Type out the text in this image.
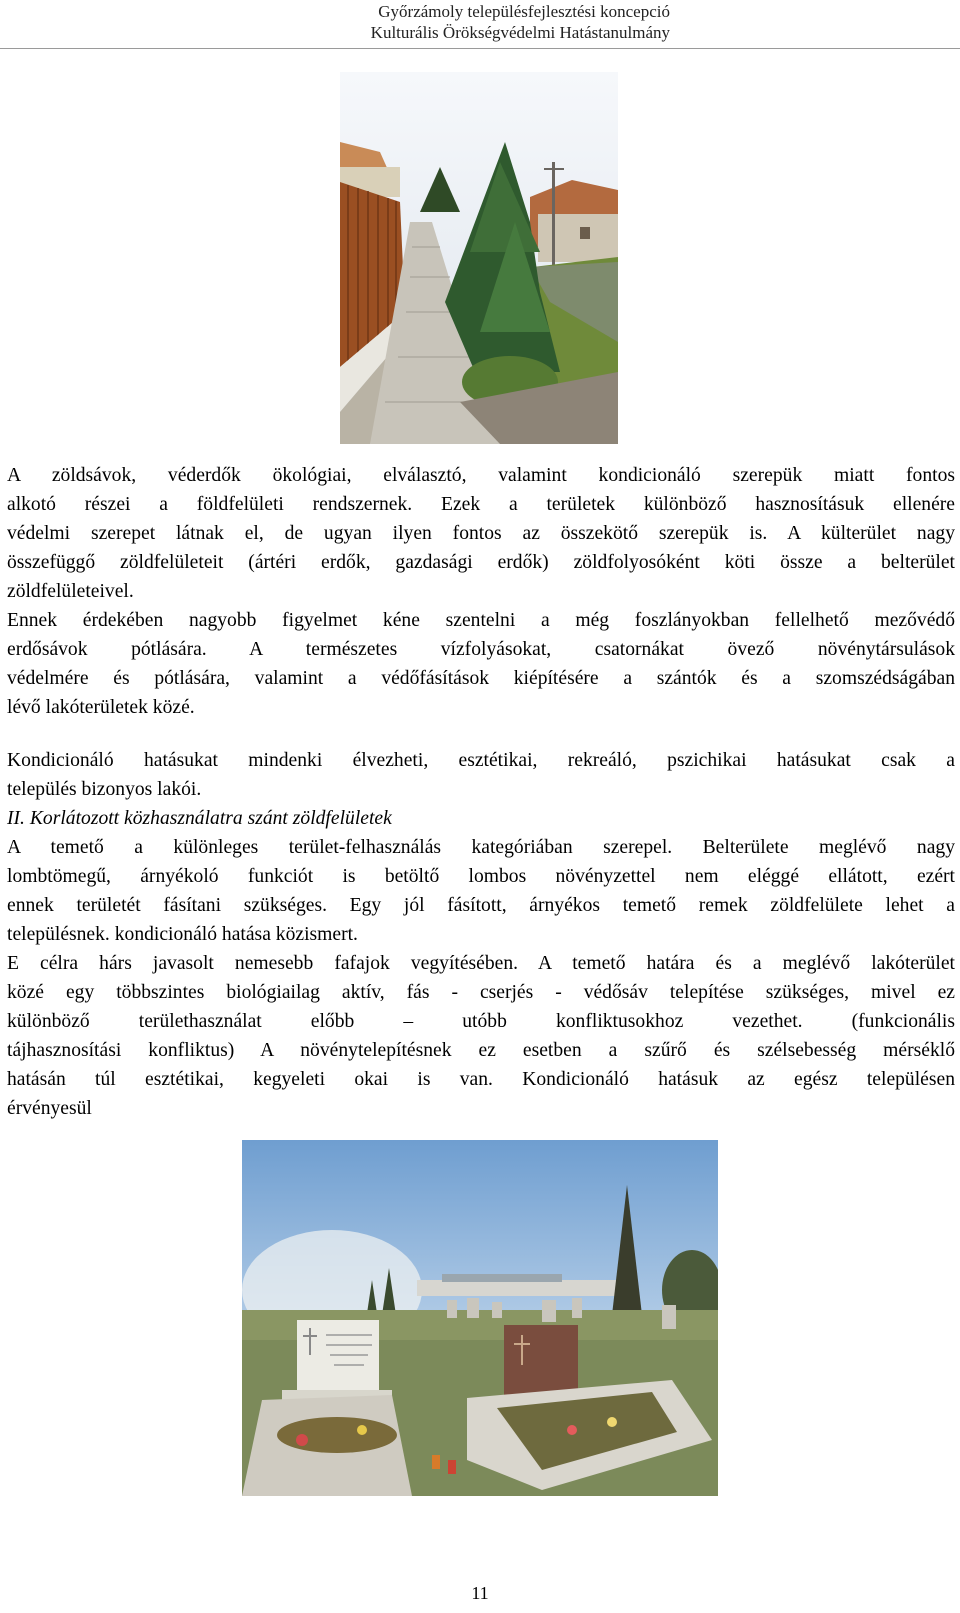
Győrzámoly településfejlesztési koncepció
Kulturális Örökségvédelmi Hatástanulmány

A zöldsávok, véderdők ökológiai, elválasztó, valamint kondicionáló szerepük miatt fontos

alkotó részei a földfelületi rendszernek. Ezek a területek különböző hasznosításuk ellenére

védelmi szerepet látnak el, de ugyan ilyen fontos az összekötő szerepük is. A külterület nagy

összefüggő zöldfelületeit (ártéri erdők, gazdasági erdők) zöldfolyosóként köti össze a belterület

zöldfelületeivel.

Ennek érdekében nagyobb figyelmet kéne szentelni a még foszlányokban fellelhető mezővédő

erdősávok pótlására. A természetes vízfolyásokat, csatornákat övező növénytársulások

védelmére és pótlására, valamint a védőfásítások kiépítésére a szántók és a szomszédságában

lévő lakóterületek közé.

Kondicionáló hatásukat mindenki élvezheti, esztétikai, rekreáló, pszichikai hatásukat csak a

település bizonyos lakói.

II. Korlátozott közhasználatra szánt zöldfelületek

A temető a különleges terület-felhasználás kategóriában szerepel. Belterülete meglévő nagy

lombtömegű, árnyékoló funkciót is betöltő lombos növényzettel nem eléggé ellátott, ezért

ennek területét fásítani szükséges. Egy jól fásított, árnyékos temető remek zöldfelülete lehet a

településnek. kondicionáló hatása közismert.

E célra hárs javasolt nemesebb fafajok vegyítésében. A temető határa és a meglévő lakóterület

közé egy többszintes biológiailag aktív, fás - cserjés - védősáv telepítése szükséges, mivel ez

különböző területhasználat előbb – utóbb konfliktusokhoz vezethet. (funkcionális

tájhasznosítási konfliktus) A növénytelepítésnek ez esetben a szűrő és szélsebesség mérséklő

hatásán túl esztétikai, kegyeleti okai is van. Kondicionáló hatásuk az egész településen

érvényesül

11
